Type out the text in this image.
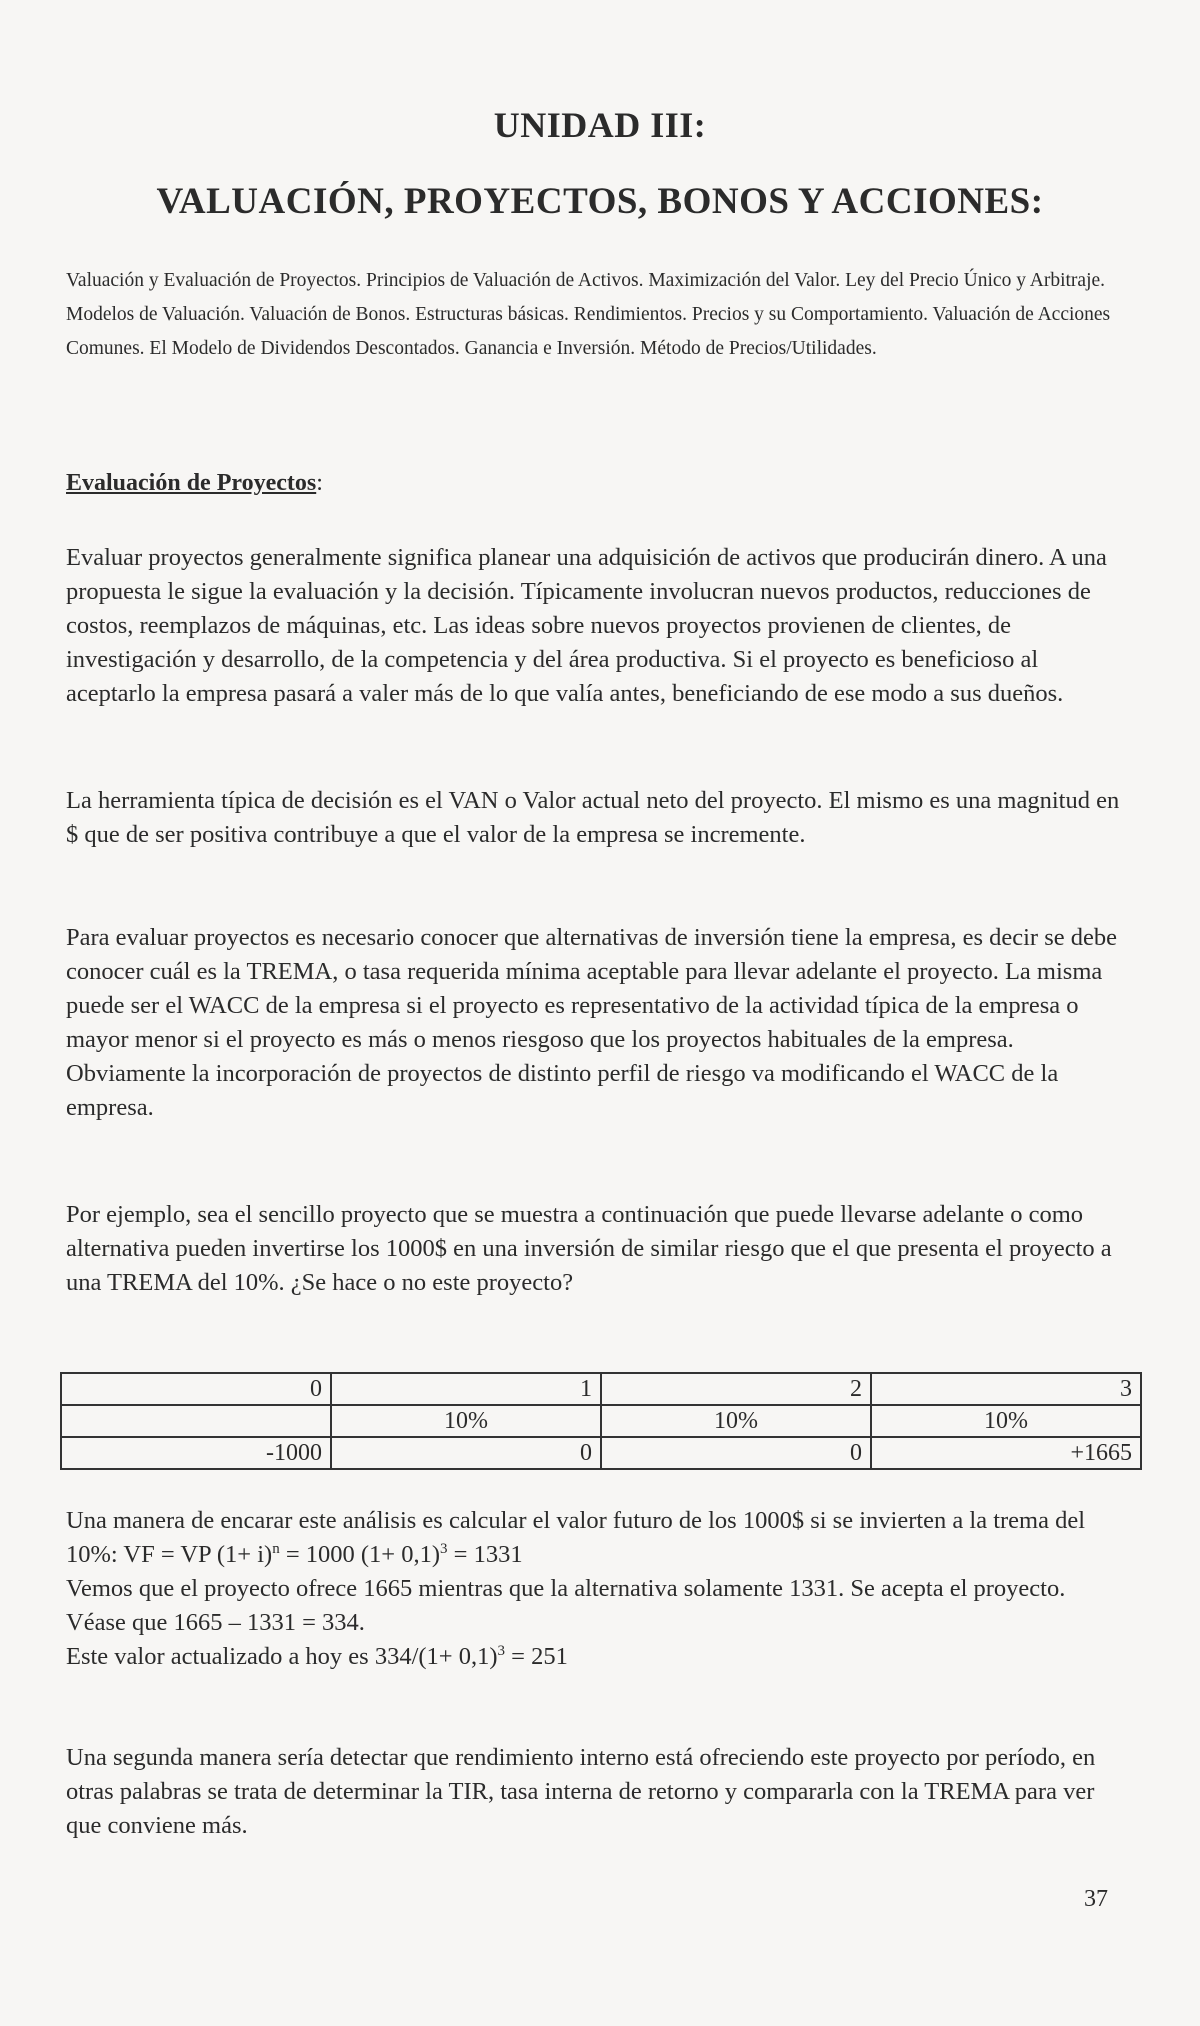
UNIDAD III:
VALUACIÓN, PROYECTOS, BONOS Y ACCIONES:

Valuación y Evaluación de Proyectos. Principios de Valuación de Activos. Maximización del Valor. Ley del Precio Único y Arbitraje. Modelos de Valuación. Valuación de Bonos. Estructuras básicas. Rendimientos. Precios y su Comportamiento. Valuación de Acciones Comunes. El Modelo de Dividendos Descontados. Ganancia e Inversión. Método de Precios/Utilidades.

Evaluación de Proyectos:

Evaluar proyectos generalmente significa planear una adquisición de activos que producirán dinero. A una propuesta le sigue la evaluación y la decisión. Típicamente involucran nuevos productos, reducciones de costos, reemplazos de máquinas, etc. Las ideas sobre nuevos proyectos provienen de clientes, de investigación y desarrollo, de la competencia y del área productiva. Si el proyecto es beneficioso al aceptarlo la empresa pasará a valer más de lo que valía antes, beneficiando de ese modo a sus dueños.

La herramienta típica de decisión es el VAN o Valor actual neto del proyecto. El mismo es una magnitud en $ que de ser positiva contribuye a que el valor de la empresa se incremente.

Para evaluar proyectos es necesario conocer que alternativas de inversión tiene la empresa, es decir se debe conocer cuál es la TREMA, o tasa requerida mínima aceptable para llevar adelante el proyecto. La misma puede ser el WACC de la empresa si el proyecto es representativo de la actividad típica de la empresa o mayor menor si el proyecto es más o menos riesgoso que los proyectos habituales de la empresa. Obviamente la incorporación de proyectos de distinto perfil de riesgo va modificando el WACC de la empresa.

Por ejemplo, sea el sencillo proyecto que se muestra a continuación que puede llevarse adelante o como alternativa pueden invertirse los 1000$ en una inversión de similar riesgo que el que presenta el proyecto a una TREMA del 10%. ¿Se hace o no este proyecto?

0	1	2	3
	10%	10%	10%
-1000	0	0	+1665
Una manera de encarar este análisis es calcular el valor futuro de los 1000$ si se invierten a la trema del 10%: VF = VP $(1+ i)^n = 1000$ $(1+ 0,1)^3 = 1331$
Vemos que el proyecto ofrece 1665 mientras que la alternativa solamente 1331. Se acepta el proyecto. Véase que 1665 – 1331 = 334.
Este valor actualizado a hoy es $334/(1+ 0,1)^3 = 251$

Una segunda manera sería detectar que rendimiento interno está ofreciendo este proyecto por período, en otras palabras se trata de determinar la TIR, tasa interna de retorno y compararla con la TREMA para ver que conviene más.

37
